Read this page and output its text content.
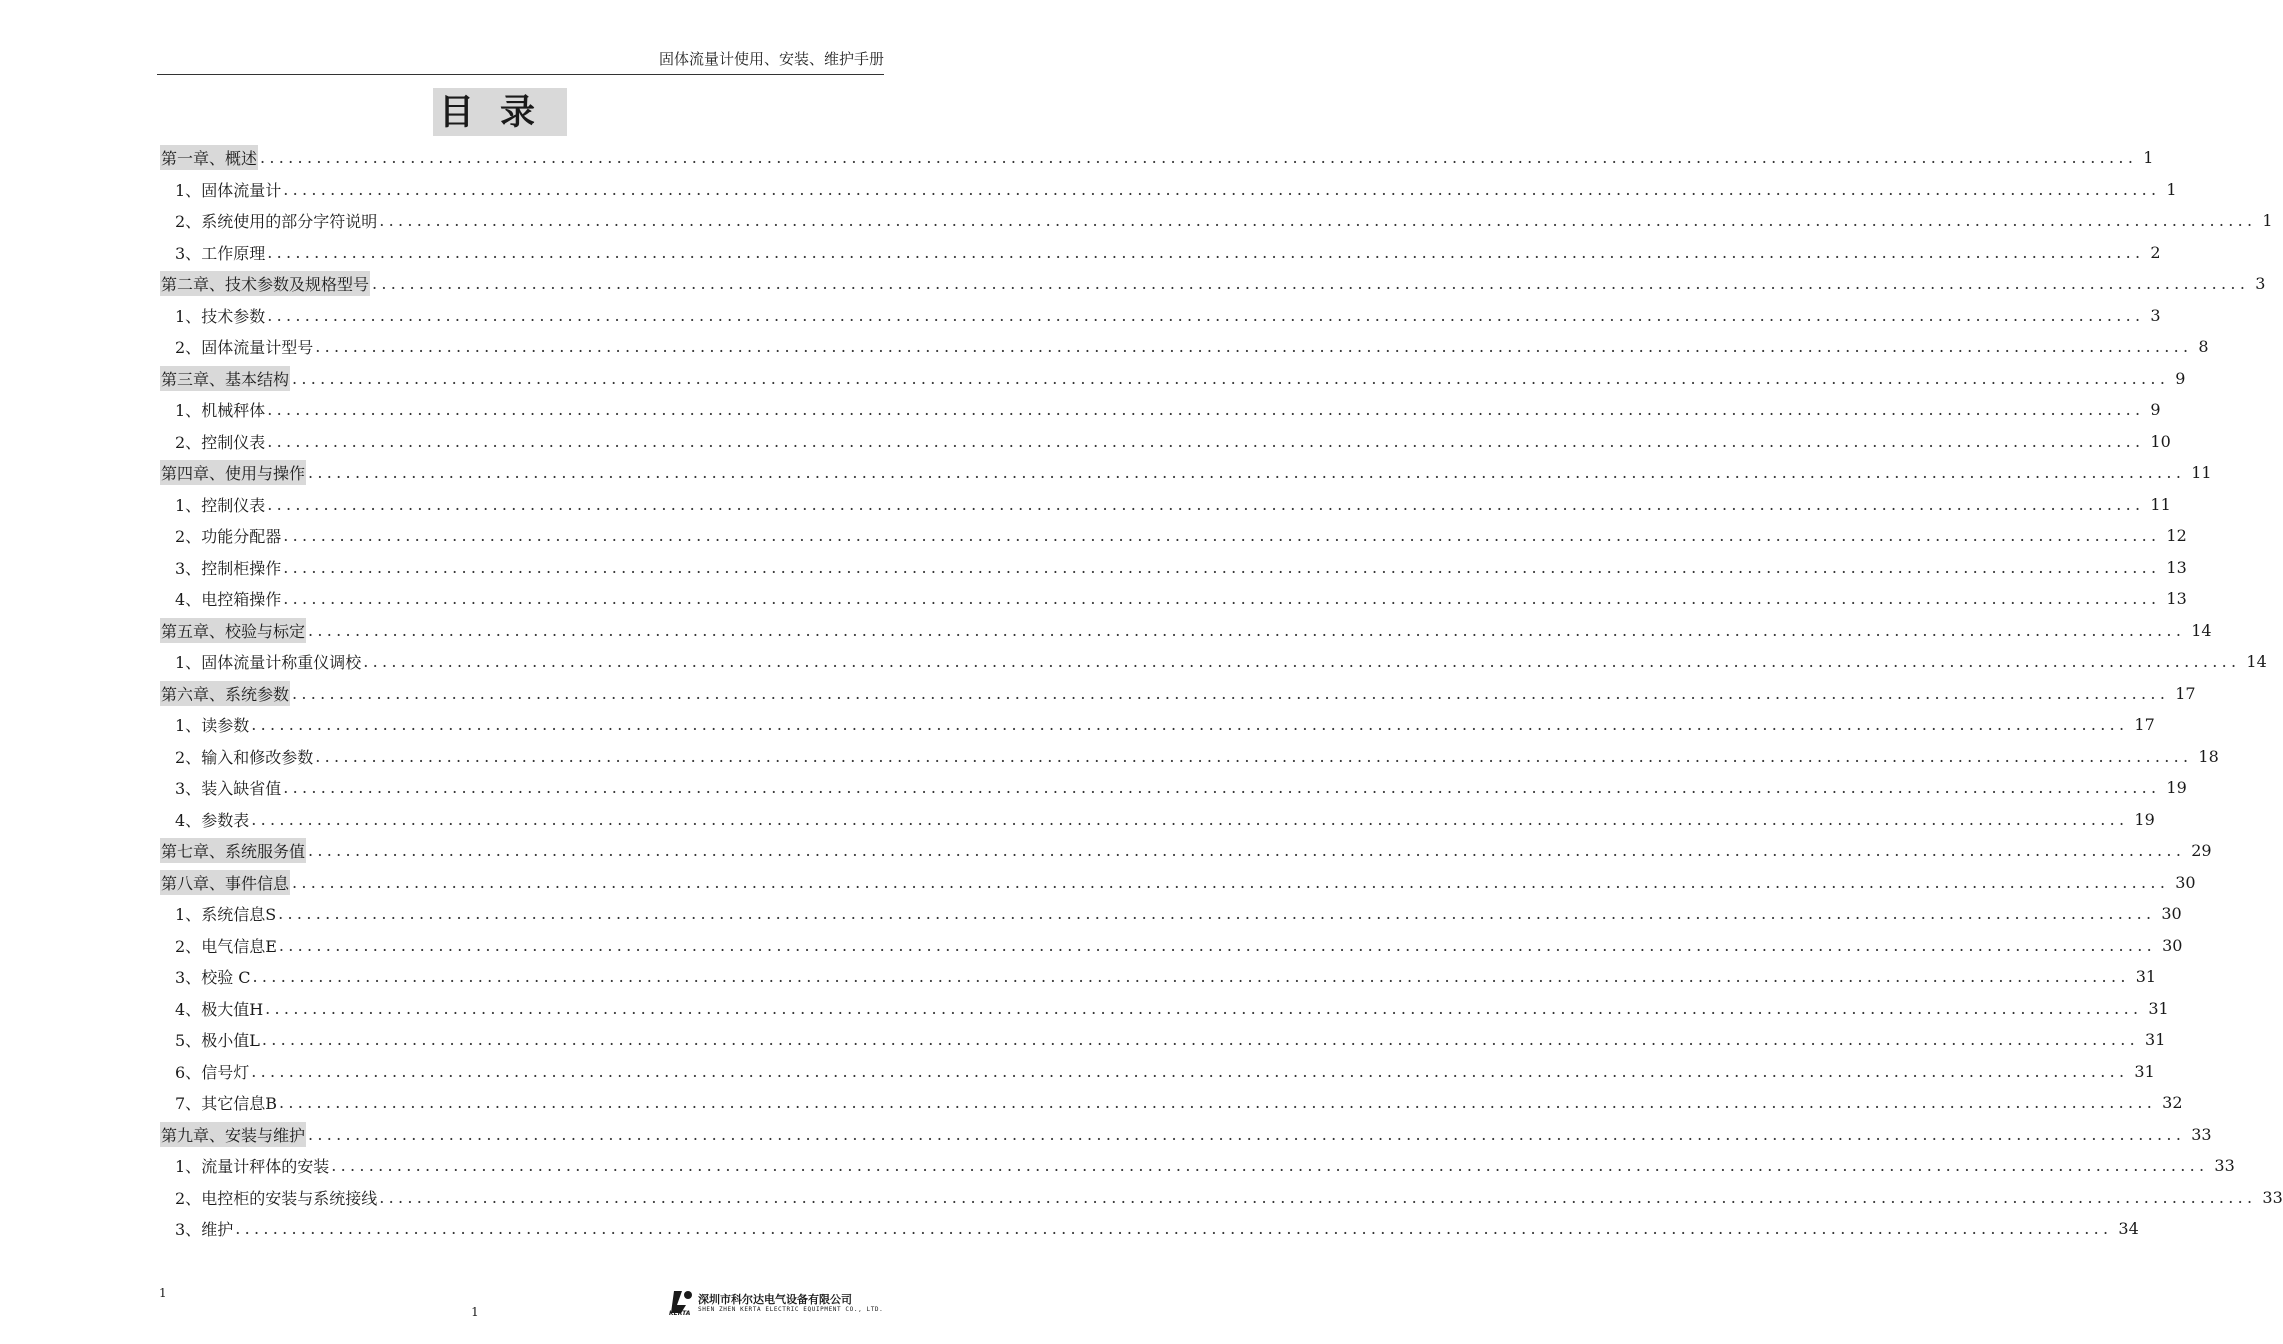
固体流量计使用、安装、维护手册
目录
第一章、概述 ........................................................................................................................................................................................................ 1
1、 固体流量计 ........................................................................................................................................................................................................ 1
2、 系统使用的部分字符说明 ........................................................................................................................................................................................................ 1
3、 工作原理 ........................................................................................................................................................................................................ 2
第二章、技术参数及规格型号 ........................................................................................................................................................................................................ 3
1、 技术参数 ........................................................................................................................................................................................................ 3
2、 固体流量计型号 ........................................................................................................................................................................................................ 8
第三章、基本结构 ........................................................................................................................................................................................................ 9
1、 机械秤体 ........................................................................................................................................................................................................ 9
2、 控制仪表 ........................................................................................................................................................................................................ 10
第四章、使用与操作 ........................................................................................................................................................................................................ 11
1、 控制仪表 ........................................................................................................................................................................................................ 11
2、 功能分配器 ........................................................................................................................................................................................................ 12
3、 控制柜操作 ........................................................................................................................................................................................................ 13
4、 电控箱操作 ........................................................................................................................................................................................................ 13
第五章、校验与标定 ........................................................................................................................................................................................................ 14
1、 固体流量计称重仪调校 ........................................................................................................................................................................................................ 14
第六章、系统参数 ........................................................................................................................................................................................................ 17
1、 读参数 ........................................................................................................................................................................................................ 17
2、 输入和修改参数 ........................................................................................................................................................................................................ 18
3、 装入缺省值 ........................................................................................................................................................................................................ 19
4、 参数表 ........................................................................................................................................................................................................ 19
第七章、系统服务值 ........................................................................................................................................................................................................ 29
第八章、事件信息 ........................................................................................................................................................................................................ 30
1、 系统信息S ........................................................................................................................................................................................................ 30
2、 电气信息E ........................................................................................................................................................................................................ 30
3、 校验 C ........................................................................................................................................................................................................ 31
4、 极大值H ........................................................................................................................................................................................................ 31
5、 极小值L ........................................................................................................................................................................................................ 31
6、 信号灯 ........................................................................................................................................................................................................ 31
7、 其它信息B ........................................................................................................................................................................................................ 32
第九章、安装与维护 ........................................................................................................................................................................................................ 33
1、 流量计秤体的安装 ........................................................................................................................................................................................................ 33
2、 电控柜的安装与系统接线 ........................................................................................................................................................................................................ 33
3、 维护 ........................................................................................................................................................................................................ 34
1
1	KERTA
深圳市科尔达电气设备有限公司
SHEN ZHEN KERTA ELECTRIC EQUIPMENT CO., LTD.
